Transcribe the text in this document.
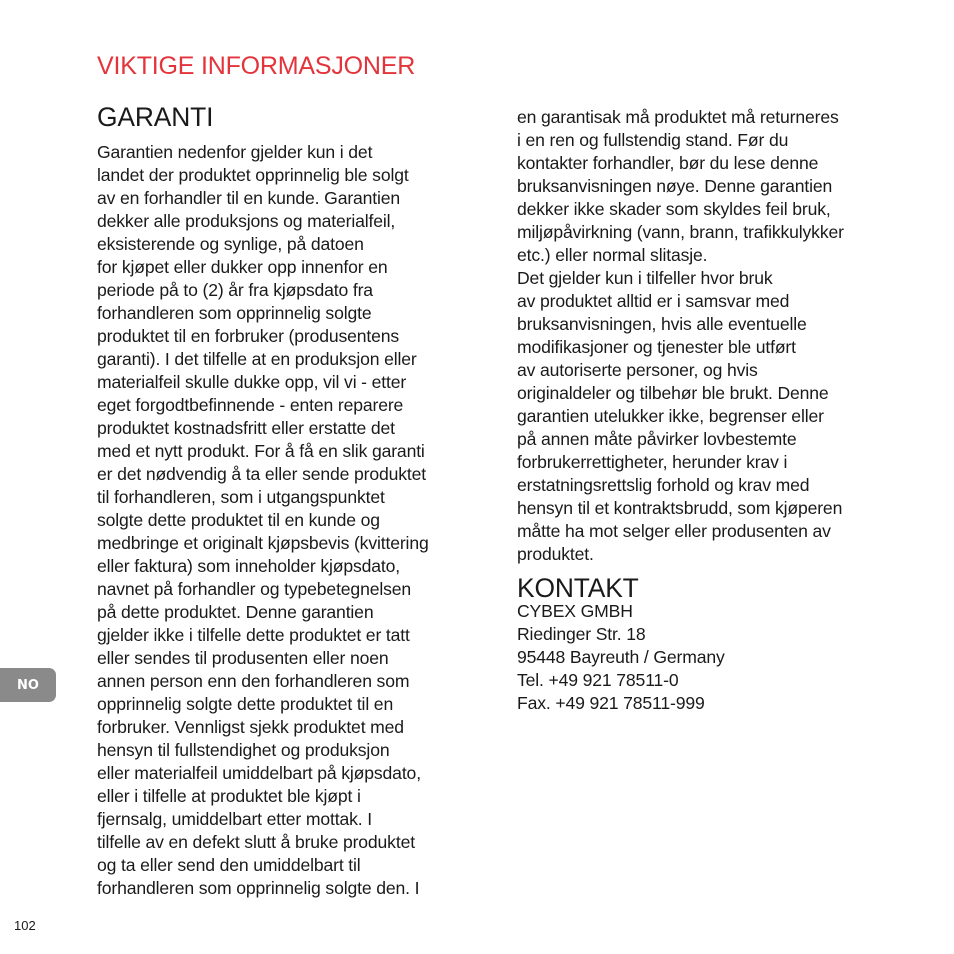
VIKTIGE INFORMASJONER
GARANTI
Garantien nedenfor gjelder kun i det
landet der produktet opprinnelig ble solgt
av en forhandler til en kunde. Garantien
dekker alle produksjons og materialfeil,
eksisterende og synlige, på datoen
for kjøpet eller dukker opp innenfor en
periode på to (2) år fra kjøpsdato fra
forhandleren som opprinnelig solgte
produktet til en forbruker (produsentens
garanti). I det tilfelle at en produksjon eller
materialfeil skulle dukke opp, vil vi - etter
eget forgodtbefinnende - enten reparere
produktet kostnadsfritt eller erstatte det
med et nytt produkt. For å få en slik garanti
er det nødvendig å ta eller sende produktet
til forhandleren, som i utgangspunktet
solgte dette produktet til en kunde og
medbringe et originalt kjøpsbevis (kvittering
eller faktura) som inneholder kjøpsdato,
navnet på forhandler og typebetegnelsen
på dette produktet. Denne garantien
gjelder ikke i tilfelle dette produktet er tatt
eller sendes til produsenten eller noen
annen person enn den forhandleren som
opprinnelig solgte dette produktet til en
forbruker. Vennligst sjekk produktet med
hensyn til fullstendighet og produksjon
eller materialfeil umiddelbart på kjøpsdato,
eller i tilfelle at produktet ble kjøpt i
fjernsalg, umiddelbart etter mottak. I
tilfelle av en defekt slutt å bruke produktet
og ta eller send den umiddelbart til
forhandleren som opprinnelig solgte den. I
en garantisak må produktet må returneres
i en ren og fullstendig stand. Før du
kontakter forhandler, bør du lese denne
bruksanvisningen nøye. Denne garantien
dekker ikke skader som skyldes feil bruk,
miljøpåvirkning (vann, brann, trafikkulykker
etc.) eller normal slitasje.
Det gjelder kun i tilfeller hvor bruk
av produktet alltid er i samsvar med
bruksanvisningen, hvis alle eventuelle
modifikasjoner og tjenester ble utført
av autoriserte personer, og hvis
originaldeler og tilbehør ble brukt. Denne
garantien utelukker ikke, begrenser eller
på annen måte påvirker lovbestemte
forbrukerrettigheter, herunder krav i
erstatningsrettslig forhold og krav med
hensyn til et kontraktsbrudd, som kjøperen
måtte ha mot selger eller produsenten av
produktet.
KONTAKT
CYBEX GMBH
Riedinger Str. 18
95448 Bayreuth / Germany
Tel. +49 921 78511-0
Fax. +49 921 78511-999
NO
102
